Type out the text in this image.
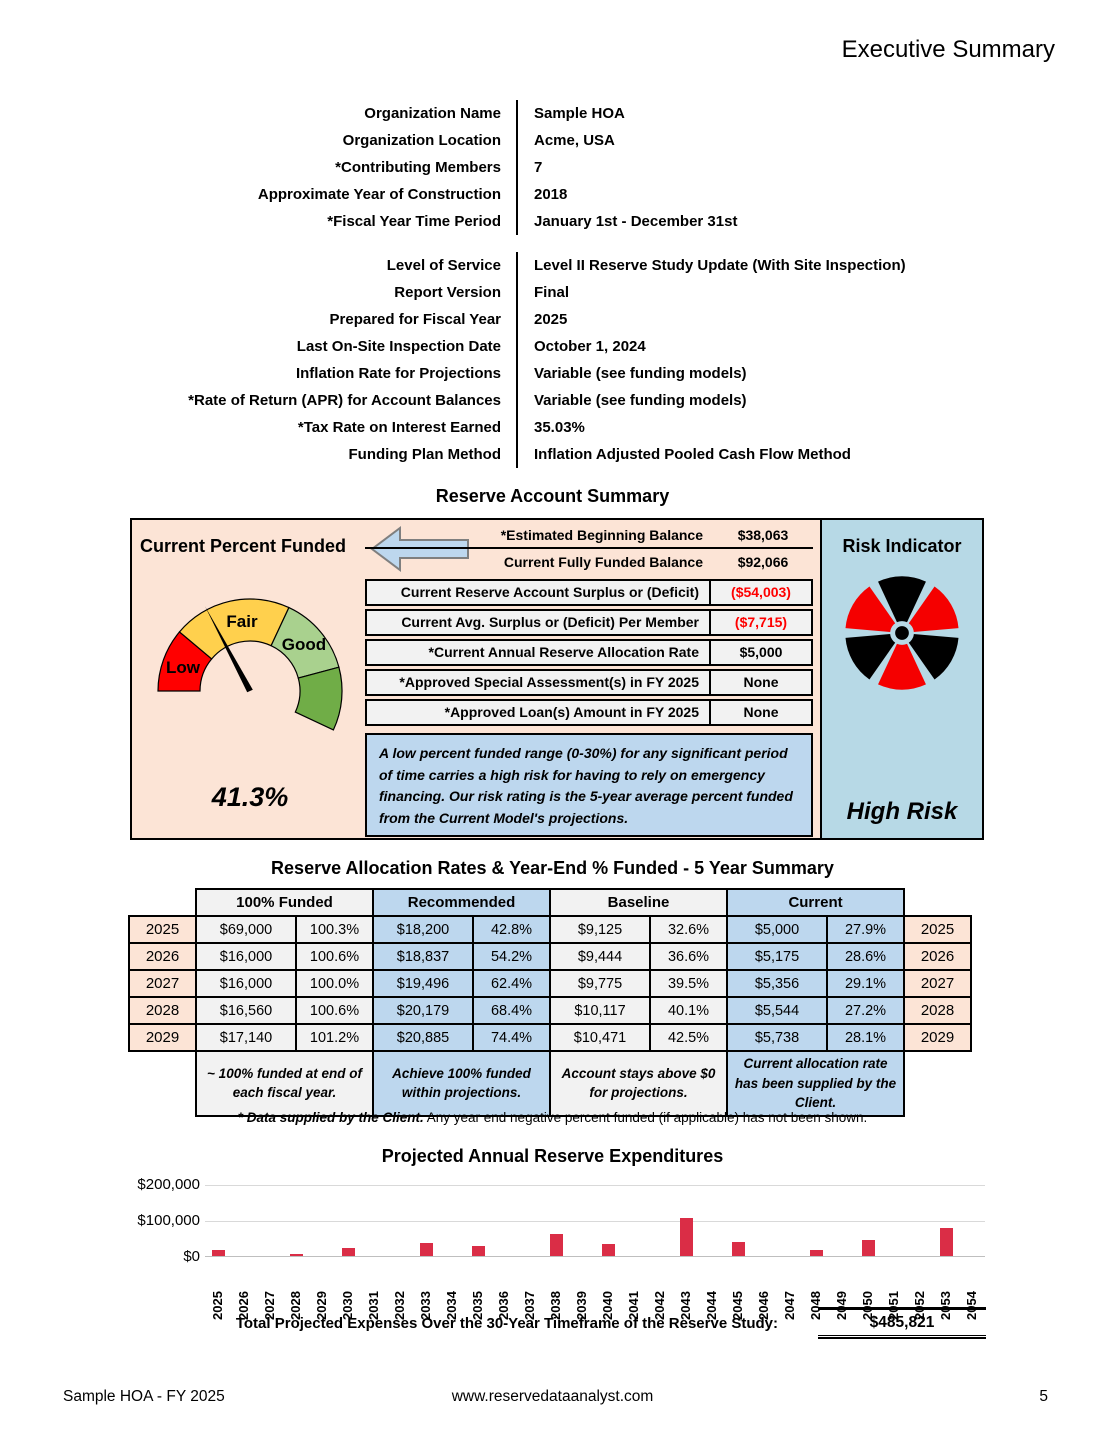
Executive Summary
Organization Name	Sample HOA
Organization Location	Acme, USA
*Contributing Members	7
Approximate Year of Construction	2018
*Fiscal Year Time Period	January 1st - December 31st
Level of Service	Level II Reserve Study Update (With Site Inspection)
Report Version	Final
Prepared for Fiscal Year	2025
Last On-Site Inspection Date	October 1, 2024
Inflation Rate for Projections	Variable (see funding models)
*Rate of Return (APR) for Account Balances	Variable (see funding models)
*Tax Rate on Interest Earned	35.03%
Funding Plan Method	Inflation Adjusted Pooled Cash Flow Method
Reserve Account Summary
Current Percent Funded
Low
Fair
Good
41.3%
*Estimated Beginning Balance	$38,063
Current Fully Funded Balance	$92,066
Current Reserve Account Surplus or (Deficit)	($54,003)
Current Avg. Surplus or (Deficit) Per Member	($7,715)
*Current Annual Reserve Allocation Rate	$5,000
*Approved Special Assessment(s) in FY 2025	None
*Approved Loan(s) Amount in FY 2025	None
A low percent funded range (0-30%) for any significant period of time carries a high risk for having to rely on emergency financing. Our risk rating is the 5-year average percent funded from the Current Model's projections.
Risk Indicator
High Risk
Reserve Allocation Rates & Year-End % Funded - 5 Year Summary
	100% Funded		Recommended		Baseline		Current		
2025	$69,000	100.3%	$18,200	42.8%	$9,125	32.6%	$5,000	27.9%	2025
2026	$16,000	100.6%	$18,837	54.2%	$9,444	36.6%	$5,175	28.6%	2026
2027	$16,000	100.0%	$19,496	62.4%	$9,775	39.5%	$5,356	29.1%	2027
2028	$16,560	100.6%	$20,179	68.4%	$10,117	40.1%	$5,544	27.2%	2028
2029	$17,140	101.2%	$20,885	74.4%	$10,471	42.5%	$5,738	28.1%	2029
	~ 100% funded at end of each fiscal year.		Achieve 100% funded within projections.		Account stays above $0 for projections.		Current allocation rate has been supplied by the Client.		
* Data supplied by the Client. Any year end negative percent funded (if applicable) has not been shown.
Projected Annual Reserve Expenditures
$0
$100,000
$200,000
2025 2026 2027 2028 2029 2030 2031 2032 2033 2034 2035 2036 2037 2038 2039 2040 2041 2042 2043 2044 2045 2046 2047 2048 2049 2050 2051 2052 2053 2054
Total Projected Expenses Over the 30-Year Timeframe of the Reserve Study:	$485,821
Sample HOA - FY 2025	www.reservedataanalyst.com	5
